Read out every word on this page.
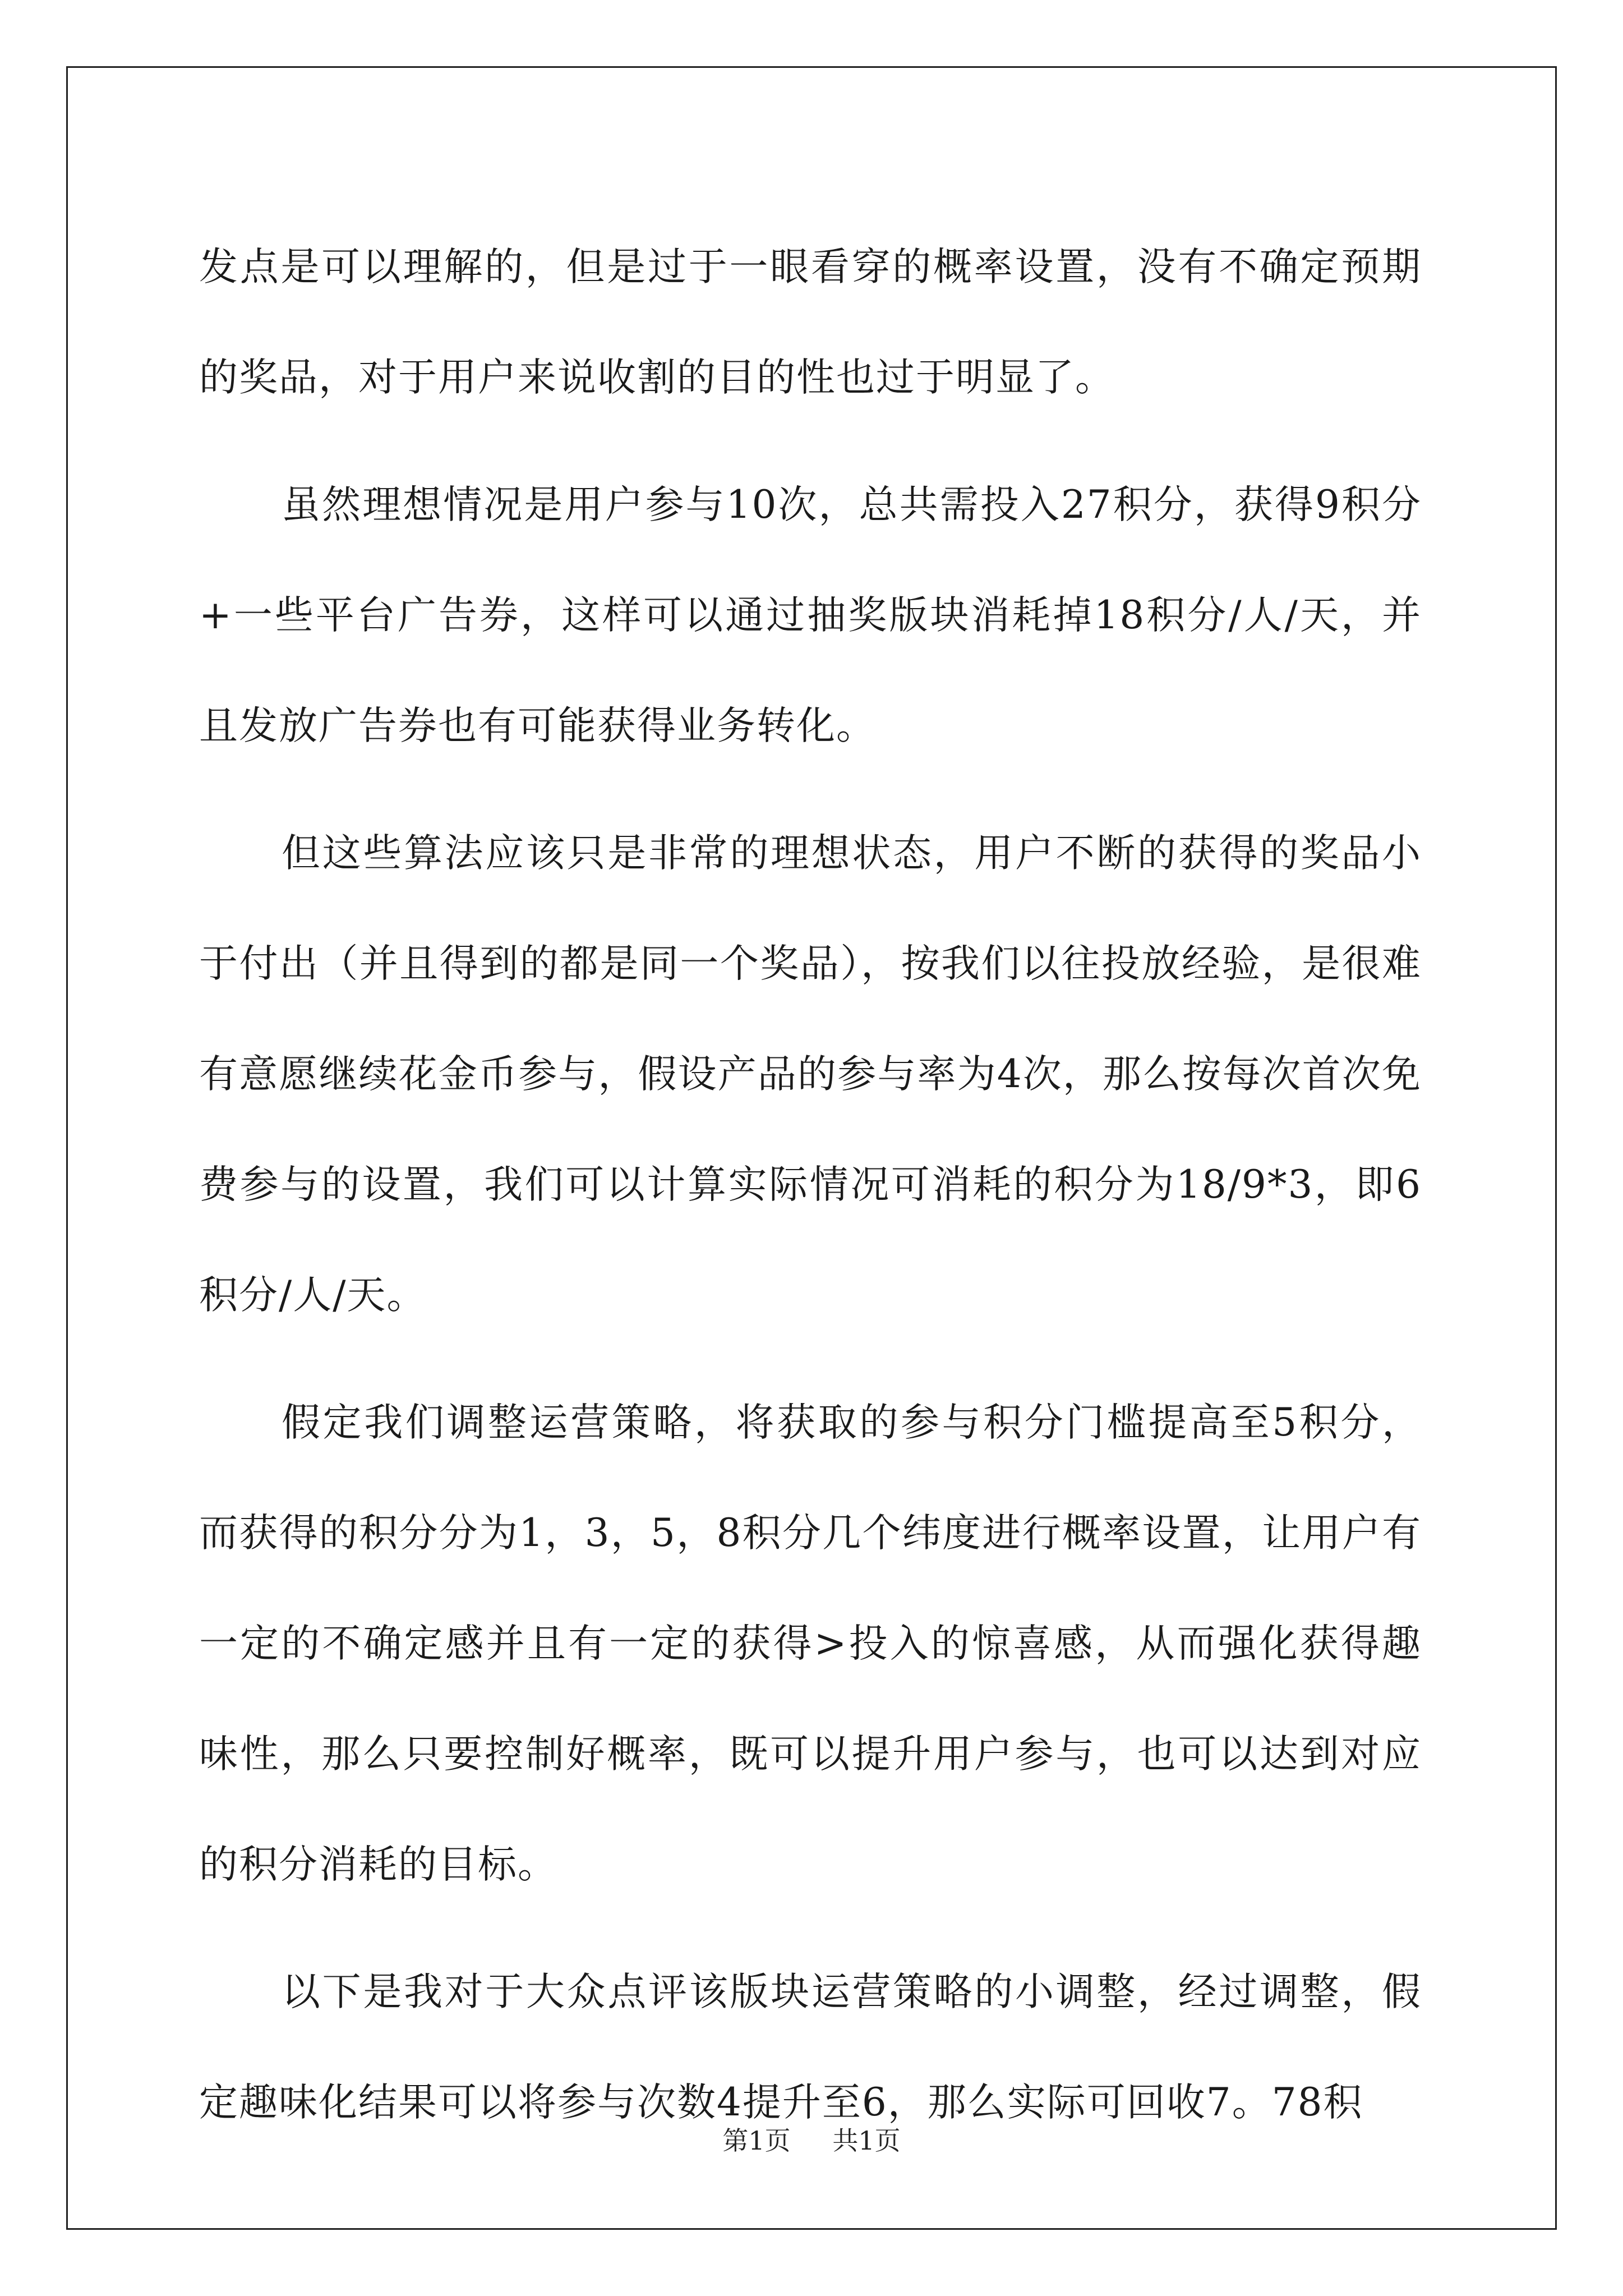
发点是可以理解的，但是过于一眼看穿的概率设置，没有不确定预期的奖品，对于用户来说收割的目的性也过于明显了。

虽然理想情况是用户参与10次，总共需投入27积分，获得9积分+一些平台广告券，这样可以通过抽奖版块消耗掉18积分/人/天，并且发放广告券也有可能获得业务转化。

但这些算法应该只是非常的理想状态，用户不断的获得的奖品小于付出（并且得到的都是同一个奖品），按我们以往投放经验，是很难有意愿继续花金币参与，假设产品的参与率为4次，那么按每次首次免费参与的设置，我们可以计算实际情况可消耗的积分为18/9*3，即6积分/人/天。

假定我们调整运营策略，将获取的参与积分门槛提高至5积分，而获得的积分分为1，3，5，8积分几个纬度进行概率设置，让用户有一定的不确定感并且有一定的获得>投入的惊喜感，从而强化获得趣味性，那么只要控制好概率，既可以提升用户参与，也可以达到对应的积分消耗的目标。

以下是我对于大众点评该版块运营策略的小调整，经过调整，假定趣味化结果可以将参与次数4提升至6，那么实际可回收7。78积

第1页 共1页
